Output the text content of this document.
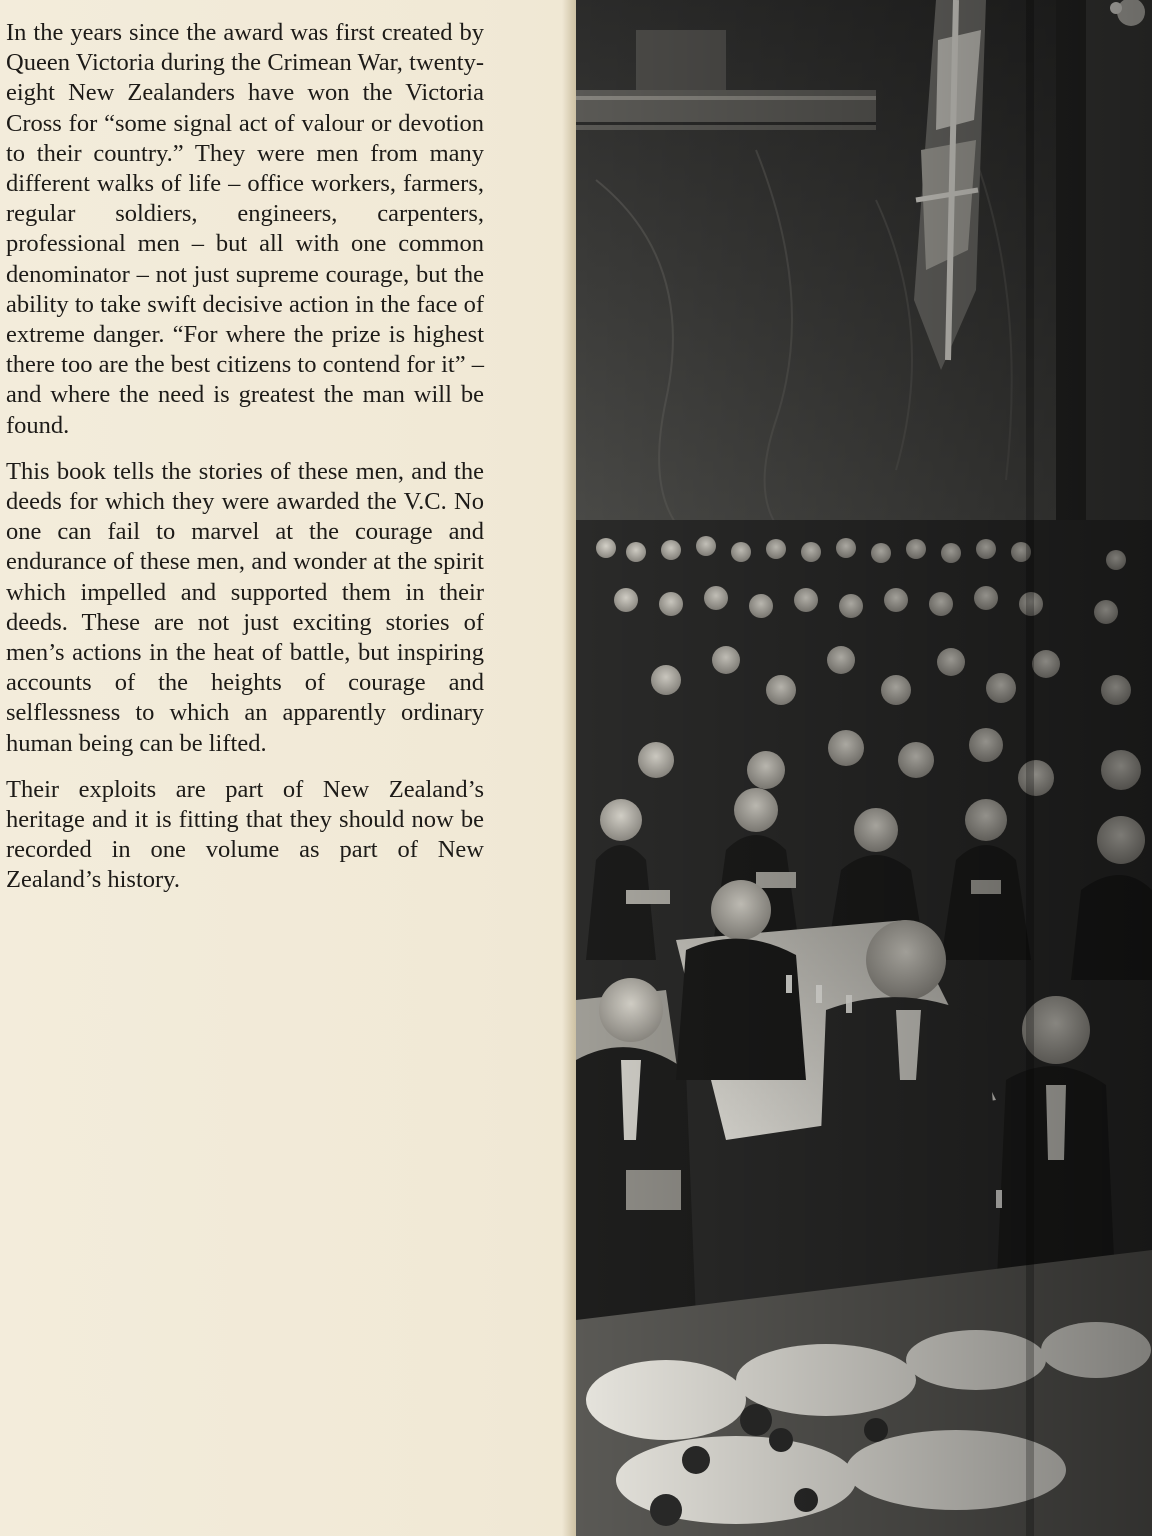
In the years since the award was first created by Queen Victoria during the Crimean War, twenty-eight New Zealanders have won the Victoria Cross for “some signal act of valour or devotion to their country.” They were men from many different walks of life – office workers, farmers, regular soldiers, engineers, carpenters, professional men – but all with one common denominator – not just supreme courage, but the ability to take swift decisive action in the face of extreme danger. “For where the prize is highest there too are the best citizens to contend for it” – and where the need is greatest the man will be found.

This book tells the stories of these men, and the deeds for which they were awarded the V.C. No one can fail to marvel at the courage and endurance of these men, and wonder at the spirit which impelled and supported them in their deeds. These are not just exciting stories of men’s actions in the heat of battle, but inspiring accounts of the heights of courage and selflessness to which an apparently ordinary human being can be lifted.

Their exploits are part of New Zealand’s heritage and it is fitting that they should now be recorded in one volume as part of New Zealand’s history.
